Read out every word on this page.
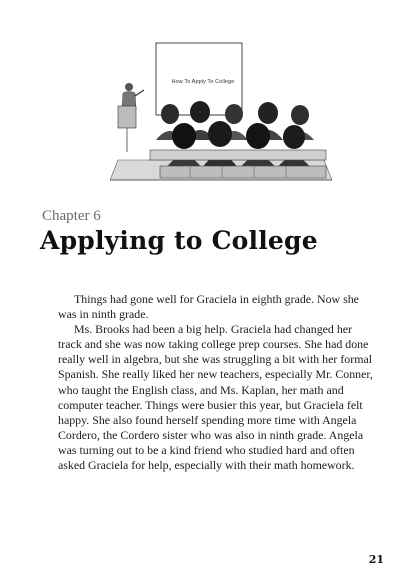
How To Apply To College
Chapter 6
Applying to College

Things had gone well for Graciela in eighth grade. Now she was in ninth grade.

Ms. Brooks had been a big help. Graciela had changed her track and she was now taking college prep courses. She had done really well in algebra, but she was struggling a bit with her formal Spanish. She really liked her new teachers, especially Mr. Conner, who taught the English class, and Ms. Kaplan, her math and computer teacher. Things were busier this year, but Graciela felt happy. She also found herself spending more time with Angela Cordero, the Cordero sister who was also in ninth grade. Angela was turning out to be a kind friend who studied hard and often asked Graciela for help, especially with their math homework.

21
